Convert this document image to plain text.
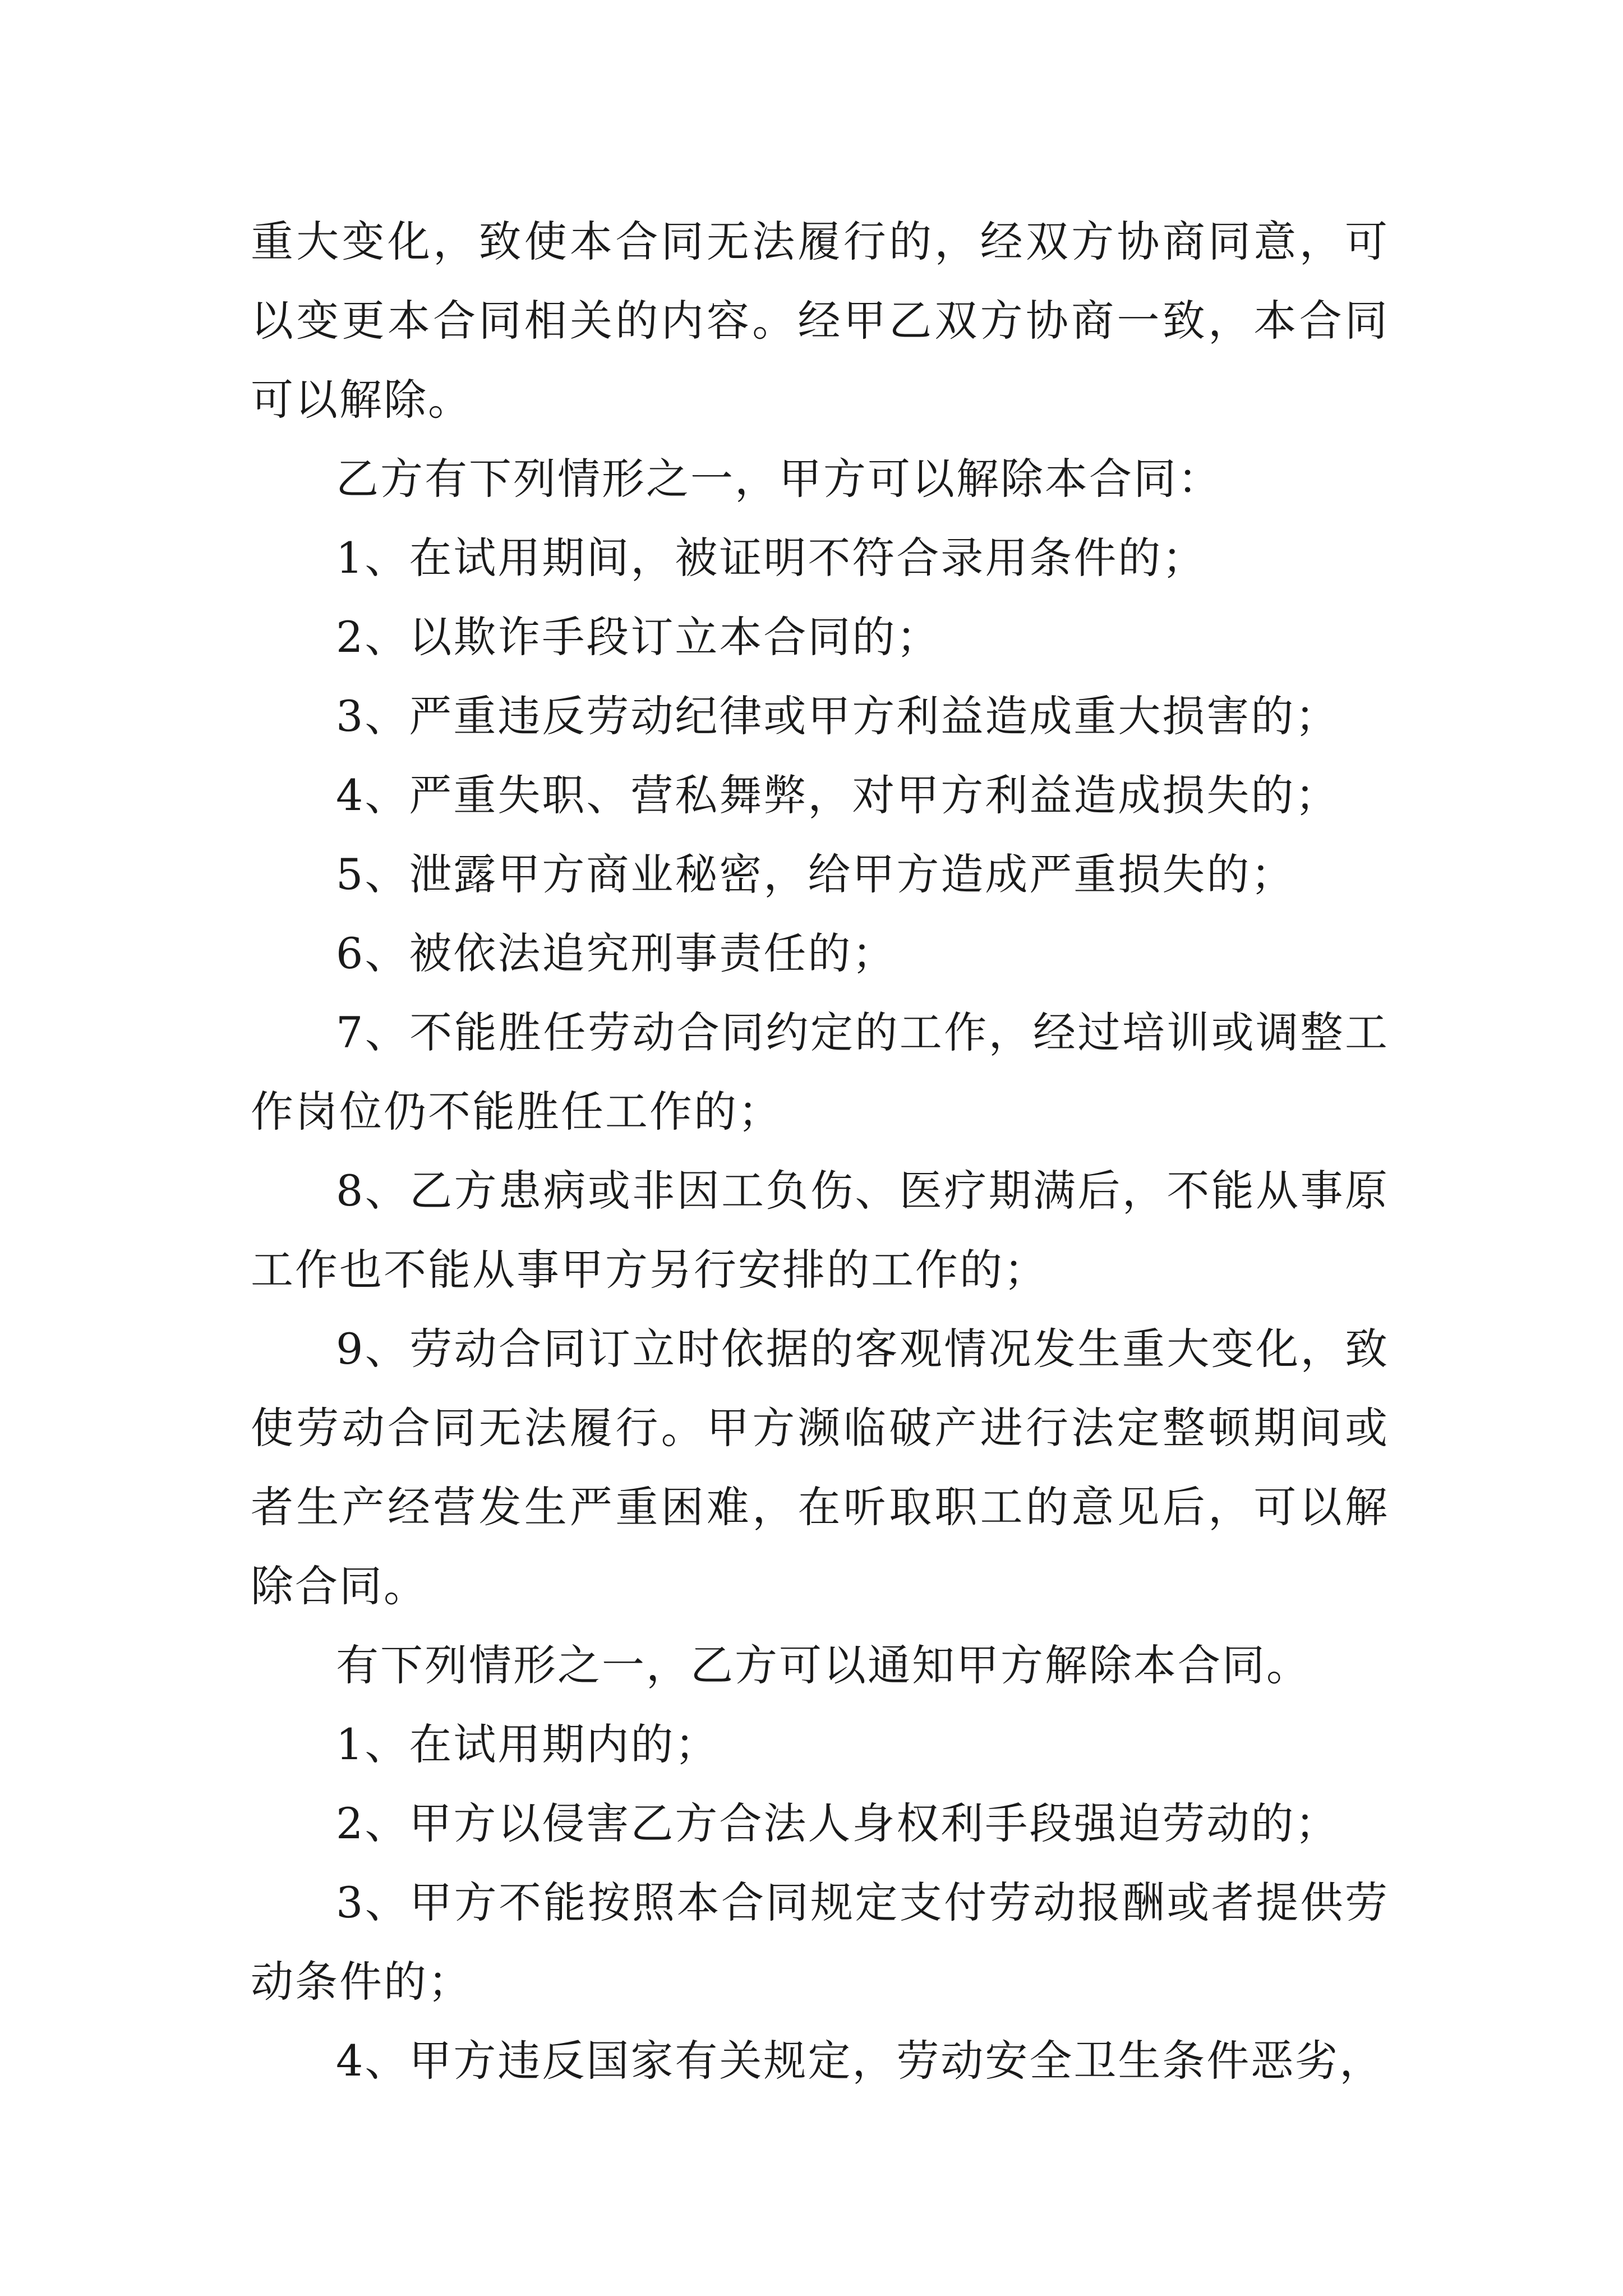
重大变化，致使本合同无法履行的，经双方协商同意，可以变更本合同相关的内容。经甲乙双方协商一致，本合同可以解除。

乙方有下列情形之一，甲方可以解除本合同：

1、在试用期间，被证明不符合录用条件的；

2、以欺诈手段订立本合同的；

3、严重违反劳动纪律或甲方利益造成重大损害的；

4、严重失职、营私舞弊，对甲方利益造成损失的；

5、泄露甲方商业秘密，给甲方造成严重损失的；

6、被依法追究刑事责任的；

7、不能胜任劳动合同约定的工作，经过培训或调整工作岗位仍不能胜任工作的；

8、乙方患病或非因工负伤、医疗期满后，不能从事原工作也不能从事甲方另行安排的工作的；

9、劳动合同订立时依据的客观情况发生重大变化，致使劳动合同无法履行。甲方濒临破产进行法定整顿期间或者生产经营发生严重困难，在听取职工的意见后，可以解除合同。

有下列情形之一，乙方可以通知甲方解除本合同。

1、在试用期内的；

2、甲方以侵害乙方合法人身权利手段强迫劳动的；

3、甲方不能按照本合同规定支付劳动报酬或者提供劳动条件的；

4、甲方违反国家有关规定，劳动安全卫生条件恶劣，
